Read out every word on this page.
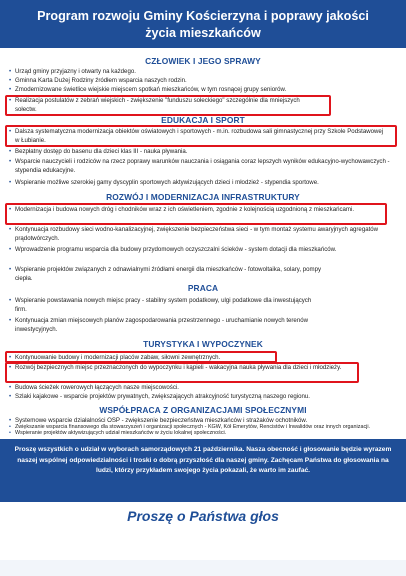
Program rozwoju Gminy Kościerzyna i poprawy jakości
życia mieszkańców
CZŁOWIEK I JEGO SPRAWY
• Urząd gminy przyjazny i otwarty na każdego.
• Gminna Karta Dużej Rodziny źródłem wsparcia naszych rodzin.
• Zmodernizowane świetlice wiejskie miejscem spotkań mieszkańców, w tym rosnącej grupy seniorów.
• Realizacja postulatów z zebrań wiejskich - zwiększenie "funduszu sołeckiego" szczególnie dla mniejszych sołectw.
EDUKACJA I SPORT
• Dalsza systematyczna modernizacja obiektów oświatowych i sportowych - m.in. rozbudowa sali gimnastycznej przy Szkole Podstawowej w Łubianie.
• Bezpłatny dostęp do basenu dla dzieci klas III - nauka pływania.
• Wsparcie nauczycieli i rodziców na rzecz poprawy warunków nauczania i osiągania coraz lepszych wyników edukacyjno-wychowawczych - stypendia edukacyjne.
• Wspieranie możliwe szerokiej gamy dyscyplin sportowych aktywizujących dzieci i młodzież - stypendia sportowe.
ROZWÓJ I MODERNIZACJA INFRASTRUKTURY
• Modernizacja i budowa nowych dróg i chodników wraz z ich oświetleniem, zgodnie z kolejnością uzgodnioną z mieszkańcami.
• Kontynuacja rozbudowy sieci wodno-kanalizacyjnej, zwiększenie bezpieczeństwa sieci - w tym montaż systemu awaryjnych agregatów prądotwórczych.
• Wprowadzenie programu wsparcia dla budowy przydomowych oczyszczalni ścieków - system dotacji dla mieszkańców.
• Wspieranie projektów związanych z odnawialnymi źródłami energii dla mieszkańców - fotowoltaika, solary, pompy ciepła.
PRACA
• Wspieranie powstawania nowych miejsc pracy - stabilny system podatkowy, ulgi podatkowe dla inwestujących firm.
• Kontynuacja zmian miejscowych planów zagospodarowania przestrzennego - uruchamianie nowych terenów inwestycyjnych.
TURYSTYKA I WYPOCZYNEK
• Kontynuowanie budowy i modernizacji placów zabaw, siłowni zewnętrznych.
• Rozwój bezpiecznych miejsc przeznaczonych do wypoczynku i kąpieli - wakacyjna nauka pływania dla dzieci i młodzieży.
• Budowa ścieżek rowerowych łączących nasze miejscowości.
• Szlaki kajakowe - wsparcie projektów prywatnych, zwiększających atrakcyjność turystyczną naszego regionu.
WSPÓŁPRACA Z ORGANIZACJAMI SPOŁECZNYMI
• Systemowe wsparcie działalności OSP - zwiększenie bezpieczeństwa mieszkańców i strażaków ochotników.
Proszę wszystkich o udział w wyborach samorządowych 21 października. Nasza obecność i głosowanie będzie wyrazem naszej wspólnej odpowiedzialności i troski o dobrą przyszłość dla naszej gminy. Zachęcam Państwa do głosowania na ludzi, którzy przykładem swojego życia pokazali, że warto im zaufać.
Proszę o Państwa głos
• Zwiększanie wsparcia finansowego dla stowarzyszeń i organizacji społecznych - KGW, Kół Emerytów, Rencistów i Inwalidów oraz innych organizacji.
• Wspieranie projektów aktywizujących udział mieszkańców w życiu lokalnej społeczności.
